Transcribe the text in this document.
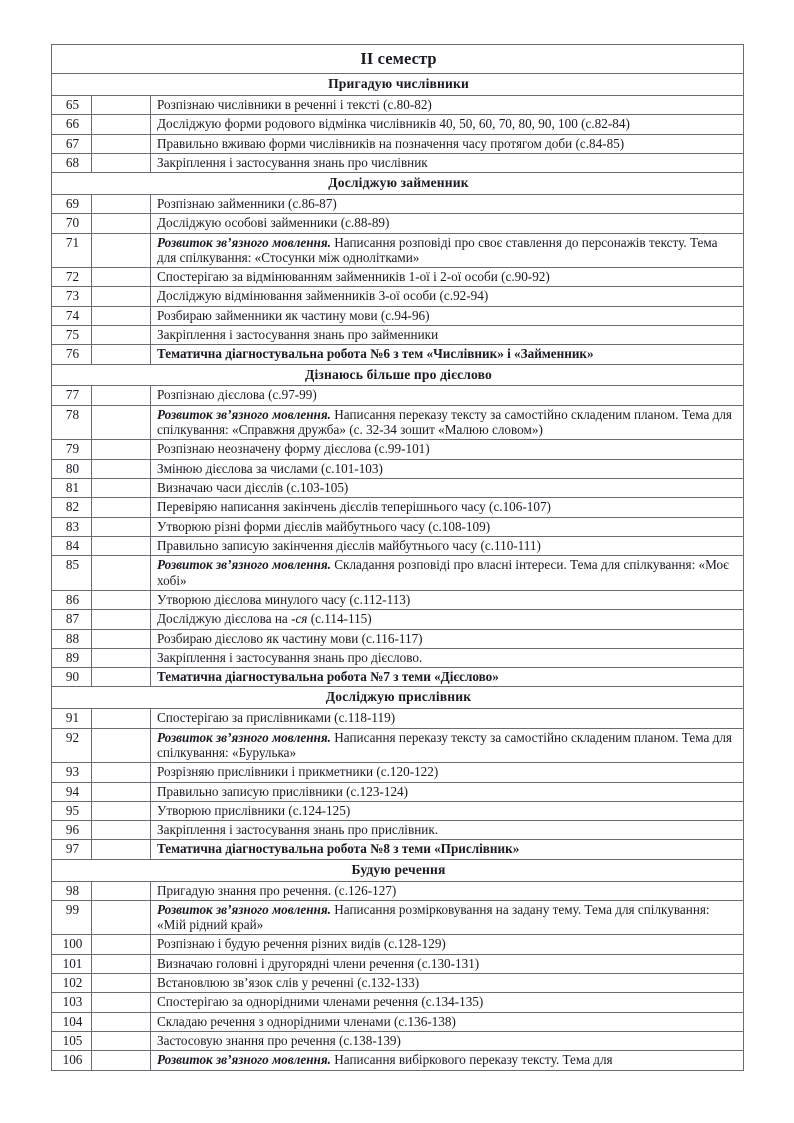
II семестр		
Пригадую числівники		
65		Розпізнаю числівники в реченні і тексті (с.80-82)
66		Досліджую форми родового відмінка числівників 40, 50, 60, 70, 80, 90, 100 (с.82-84)
67		Правильно вживаю форми числівників на позначення часу протягом доби (с.84-85)
68		Закріплення і застосування знань про числівник
Досліджую займенник		
69		Розпізнаю займенники (с.86-87)
70		Досліджую особові займенники (с.88-89)
71		Розвиток зв’язного мовлення. Написання розповіді про своє ставлення до персонажів тексту. Тема для спілкування: «Стосунки між однолітками»
72		Спостерігаю за відмінюванням займенників 1-ої і 2-ої особи (с.90-92)
73		Досліджую відмінювання займенників 3-ої особи (с.92-94)
74		Розбираю займенники як частину мови (с.94-96)
75		Закріплення і застосування знань про займенники
76		Тематична діагностувальна робота №6 з тем «Числівник» і «Займенник»
Дізнаюсь більше про дієслово		
77		Розпізнаю дієслова (с.97-99)
78		Розвиток зв’язного мовлення. Написання переказу тексту за самостійно складеним планом. Тема для спілкування: «Справжня дружба» (с. 32-34 зошит «Малюю словом»)
79		Розпізнаю неозначену форму дієслова (с.99-101)
80		Змінюю дієслова за числами (с.101-103)
81		Визначаю часи дієслів (с.103-105)
82		Перевіряю написання закінчень дієслів теперішнього часу (с.106-107)
83		Утворюю різні форми дієслів майбутнього часу (с.108-109)
84		Правильно записую закінчення дієслів майбутнього часу (с.110-111)
85		Розвиток зв’язного мовлення. Складання розповіді про власні інтереси. Тема для спілкування: «Моє хобі»
86		Утворюю дієслова минулого часу (с.112-113)
87		Досліджую дієслова на -ся (с.114-115)
88		Розбираю дієслово як частину мови (с.116-117)
89		Закріплення і застосування знань про дієслово.
90		Тематична діагностувальна робота №7 з теми «Дієслово»
Досліджую прислівник		
91		Спостерігаю за прислівниками (с.118-119)
92		Розвиток зв’язного мовлення. Написання переказу тексту за самостійно складеним планом. Тема для спілкування: «Бурулька»
93		Розрізняю прислівники і прикметники (с.120-122)
94		Правильно записую прислівники (с.123-124)
95		Утворюю прислівники (с.124-125)
96		Закріплення і застосування знань про прислівник.
97		Тематична діагностувальна робота №8 з теми «Прислівник»
Будую речення		
98		Пригадую знання про речення. (с.126-127)
99		Розвиток зв’язного мовлення. Написання розмірковування на задану тему. Тема для спілкування: «Мій рідний край»
100		Розпізнаю і будую речення різних видів (с.128-129)
101		Визначаю головні і другорядні члени речення (с.130-131)
102		Встановлюю зв’язок слів у реченні (с.132-133)
103		Спостерігаю за однорідними членами речення (с.134-135)
104		Складаю речення з однорідними членами (с.136-138)
105		Застосовую знання про речення (с.138-139)
106		Розвиток зв’язного мовлення. Написання вибіркового переказу тексту. Тема для
